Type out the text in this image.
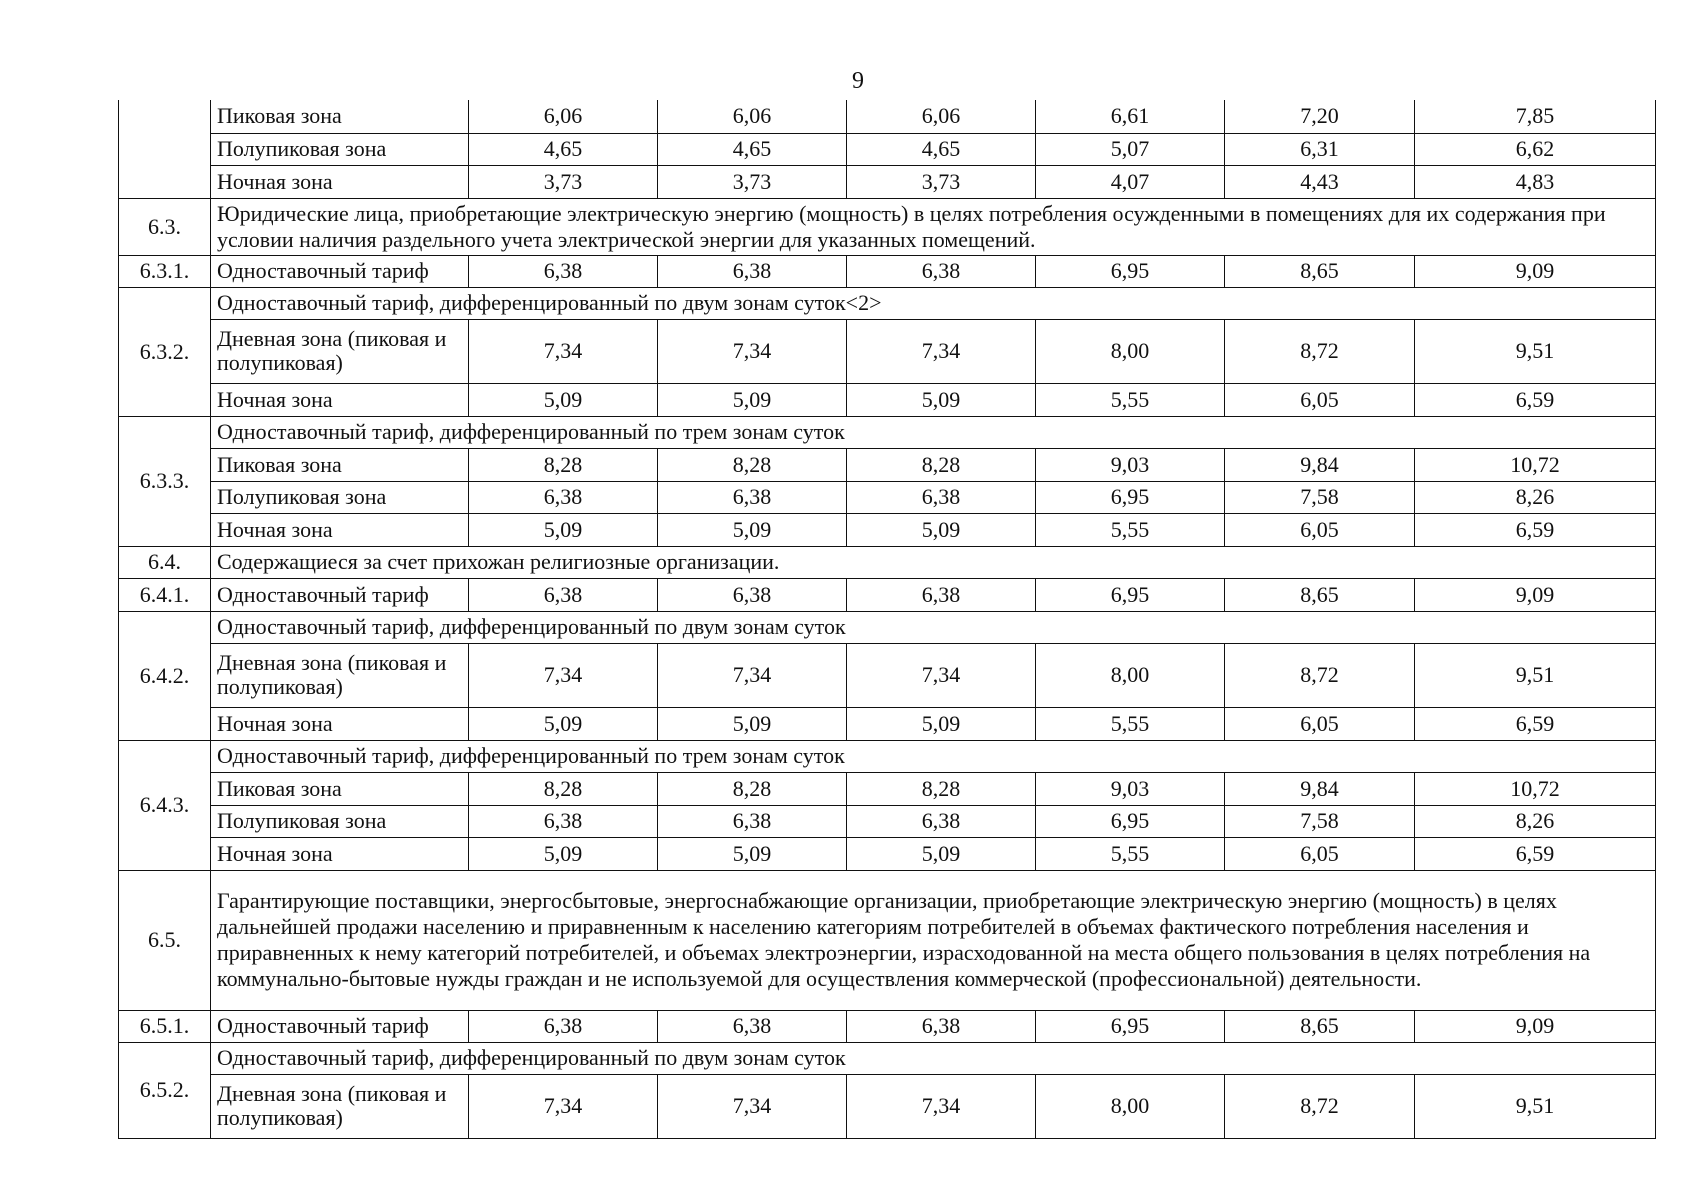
9
	Пиковая зона	6,06	6,06	6,06	6,61	7,20	7,85
	Полупиковая зона	4,65	4,65	4,65	5,07	6,31	6,62
	Ночная зона	3,73	3,73	3,73	4,07	4,43	4,83
6.3.	Юридические лица, приобретающие электрическую энергию (мощность) в целях потребления осужденными в помещениях для их содержания при условии наличия раздельного учета электрической энергии для указанных помещений.						
6.3.1.	Одноставочный тариф	6,38	6,38	6,38	6,95	8,65	9,09
6.3.2.	Одноставочный тариф, дифференцированный по двум зонам суток<2>						
	Дневная зона (пиковая и полупиковая)	7,34	7,34	7,34	8,00	8,72	9,51
	Ночная зона	5,09	5,09	5,09	5,55	6,05	6,59
6.3.3.	Одноставочный тариф, дифференцированный по трем зонам суток						
	Пиковая зона	8,28	8,28	8,28	9,03	9,84	10,72
	Полупиковая зона	6,38	6,38	6,38	6,95	7,58	8,26
	Ночная зона	5,09	5,09	5,09	5,55	6,05	6,59
6.4.	Содержащиеся за счет прихожан религиозные организации.						
6.4.1.	Одноставочный тариф	6,38	6,38	6,38	6,95	8,65	9,09
6.4.2.	Одноставочный тариф, дифференцированный по двум зонам суток						
	Дневная зона (пиковая и полупиковая)	7,34	7,34	7,34	8,00	8,72	9,51
	Ночная зона	5,09	5,09	5,09	5,55	6,05	6,59
6.4.3.	Одноставочный тариф, дифференцированный по трем зонам суток						
	Пиковая зона	8,28	8,28	8,28	9,03	9,84	10,72
	Полупиковая зона	6,38	6,38	6,38	6,95	7,58	8,26
	Ночная зона	5,09	5,09	5,09	5,55	6,05	6,59
6.5.	Гарантирующие поставщики, энергосбытовые, энергоснабжающие организации, приобретающие электрическую энергию (мощность) в целях дальнейшей продажи населению и приравненным к населению категориям потребителей в объемах фактического потребления населения и приравненных к нему категорий потребителей, и объемах электроэнергии, израсходованной на места общего пользования в целях потребления на коммунально-бытовые нужды граждан и не используемой для осуществления коммерческой (профессиональной) деятельности.						
6.5.1.	Одноставочный тариф	6,38	6,38	6,38	6,95	8,65	9,09
6.5.2.	Одноставочный тариф, дифференцированный по двум зонам суток						
	Дневная зона (пиковая и полупиковая)	7,34	7,34	7,34	8,00	8,72	9,51
